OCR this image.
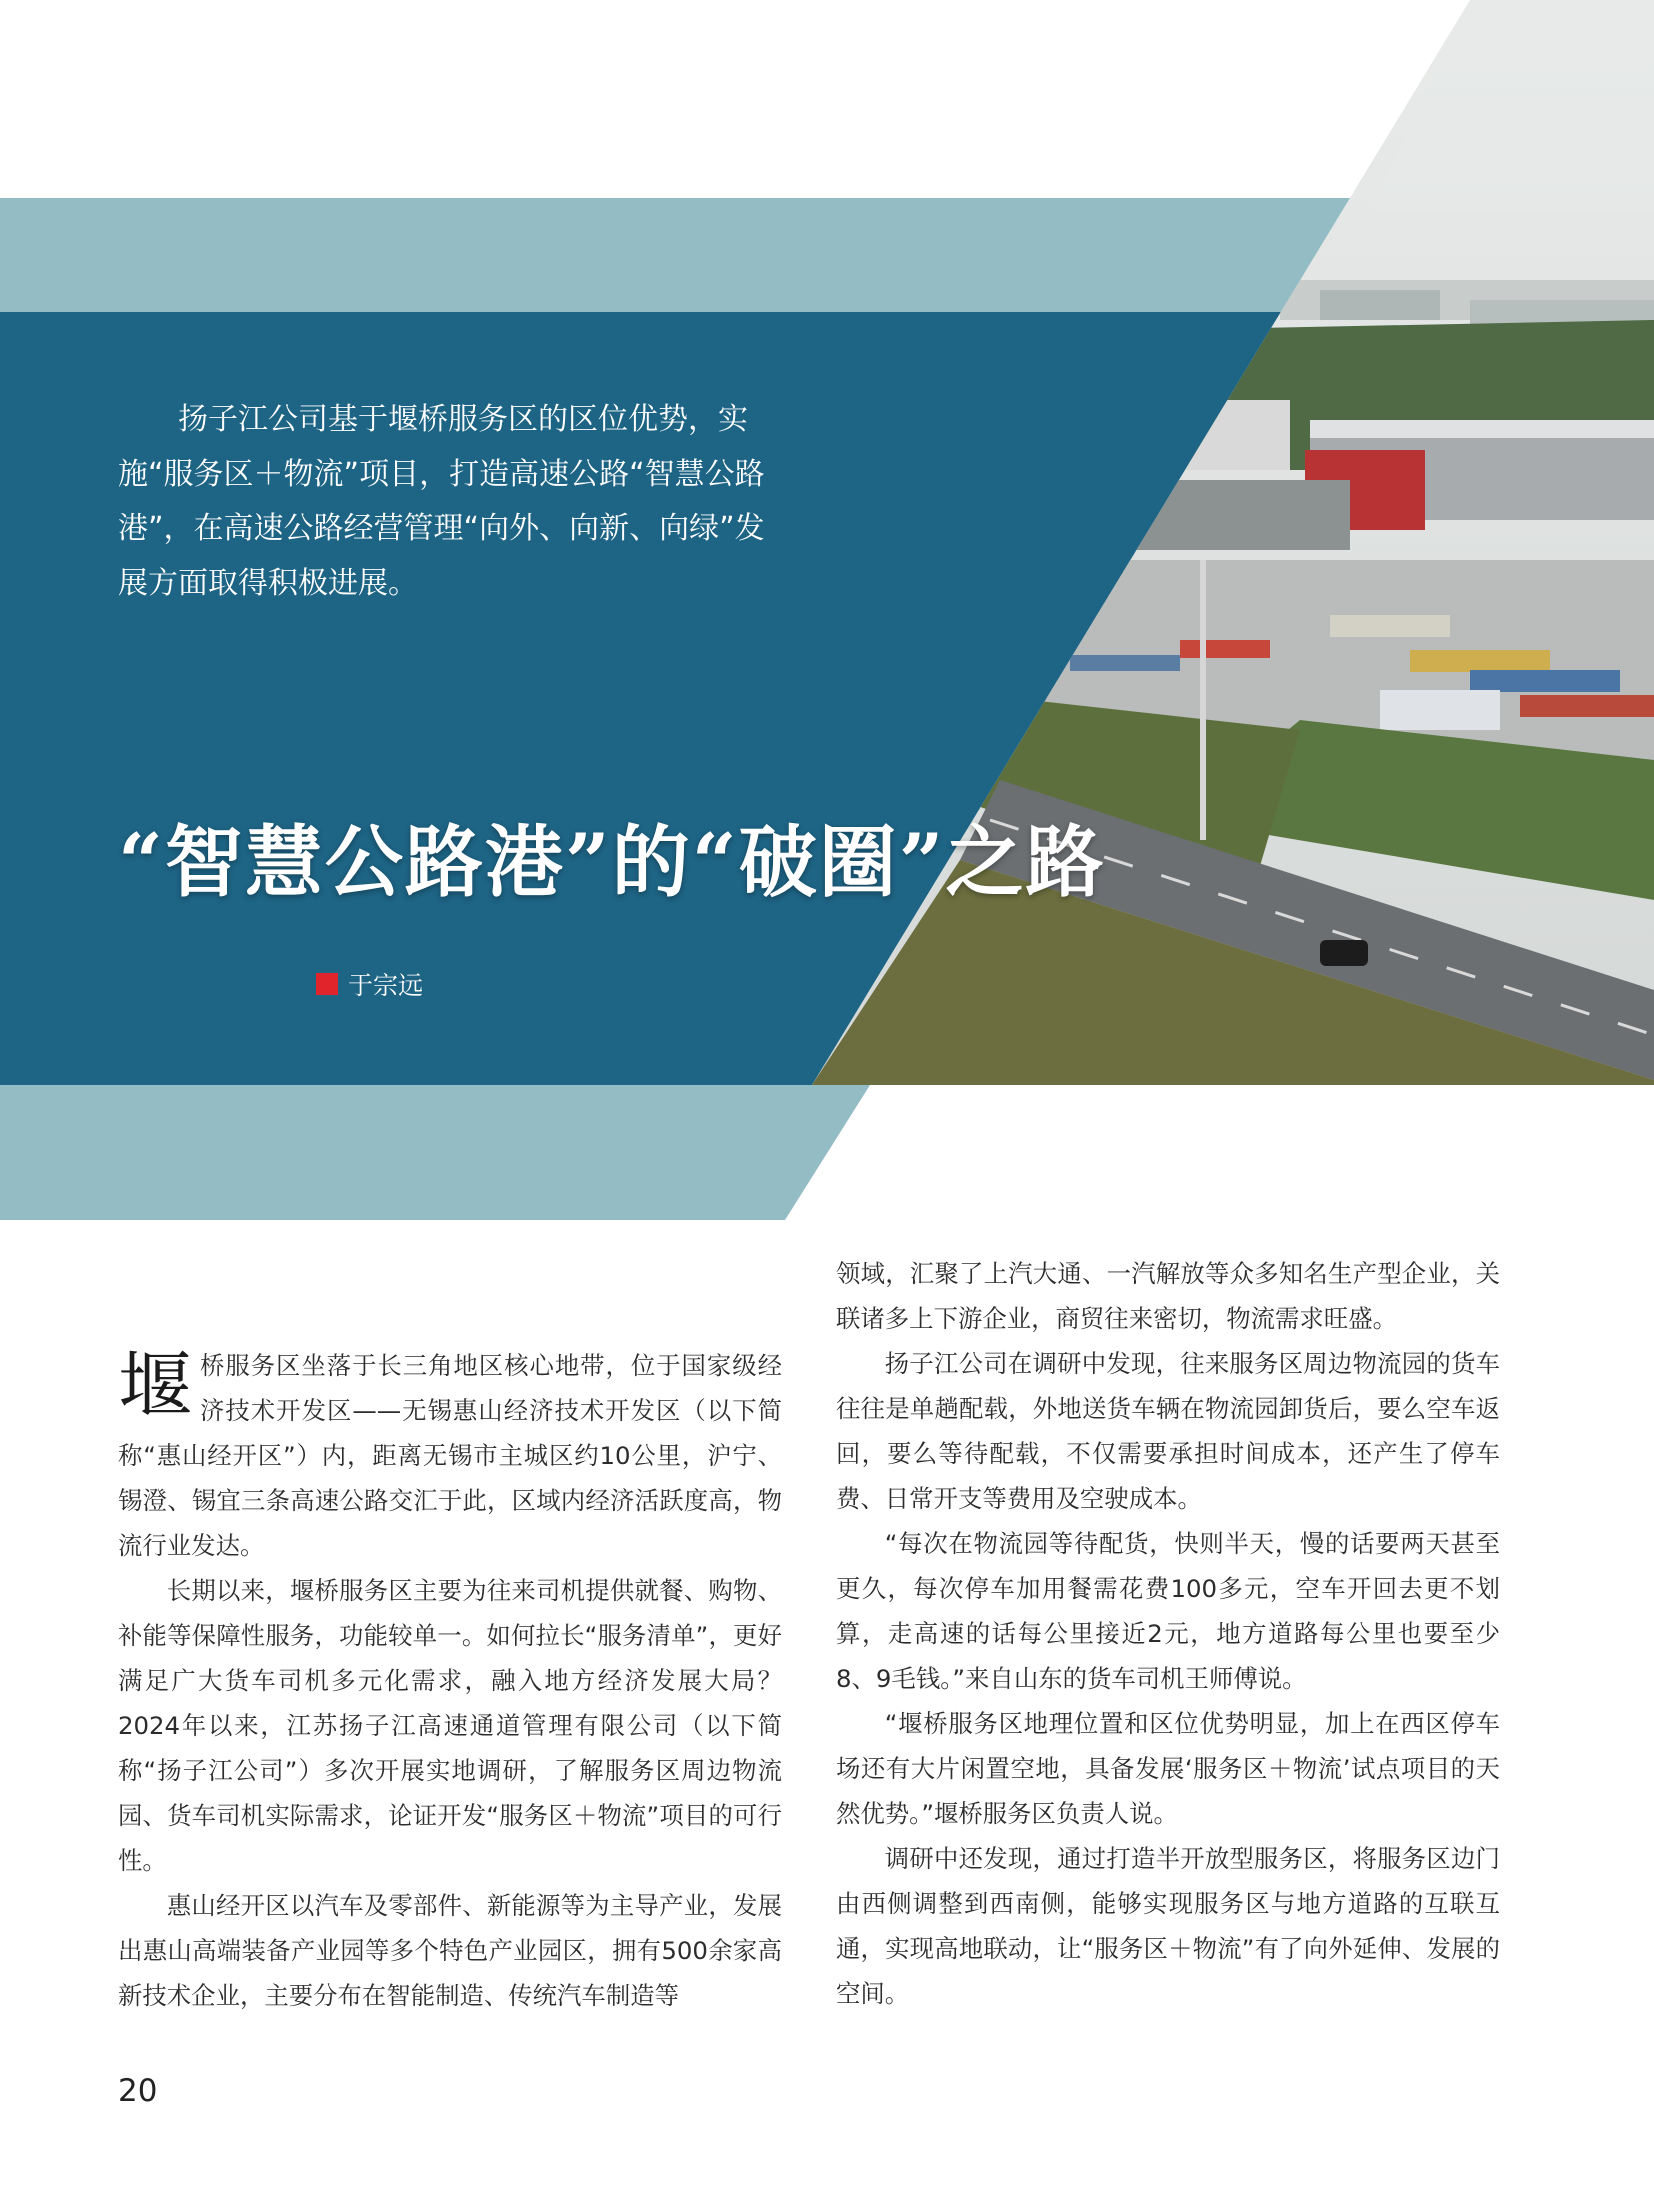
扬子江公司基于堰桥服务区的区位优势，实施“服务区＋物流”项目，打造高速公路“智慧公路港”，在高速公路经营管理“向外、向新、向绿”发展方面取得积极进展。

“智慧公路港”的“破圈”之路
于宗远

堰桥服务区坐落于长三角地区核心地带，位于国家级经济技术开发区——无锡惠山经济技术开发区（以下简称“惠山经开区”）内，距离无锡市主城区约10公里，沪宁、锡澄、锡宜三条高速公路交汇于此，区域内经济活跃度高，物流行业发达。

长期以来，堰桥服务区主要为往来司机提供就餐、购物、补能等保障性服务，功能较单一。如何拉长“服务清单”，更好满足广大货车司机多元化需求，融入地方经济发展大局？2024年以来，江苏扬子江高速通道管理有限公司（以下简称“扬子江公司”）多次开展实地调研，了解服务区周边物流园、货车司机实际需求，论证开发“服务区＋物流”项目的可行性。

惠山经开区以汽车及零部件、新能源等为主导产业，发展出惠山高端装备产业园等多个特色产业园区，拥有500余家高新技术企业，主要分布在智能制造、传统汽车制造等

领域，汇聚了上汽大通、一汽解放等众多知名生产型企业，关联诸多上下游企业，商贸往来密切，物流需求旺盛。

扬子江公司在调研中发现，往来服务区周边物流园的货车往往是单趟配载，外地送货车辆在物流园卸货后，要么空车返回，要么等待配载，不仅需要承担时间成本，还产生了停车费、日常开支等费用及空驶成本。

“每次在物流园等待配货，快则半天，慢的话要两天甚至更久，每次停车加用餐需花费100多元，空车开回去更不划算，走高速的话每公里接近2元，地方道路每公里也要至少8、9毛钱。”来自山东的货车司机王师傅说。

“堰桥服务区地理位置和区位优势明显，加上在西区停车场还有大片闲置空地，具备发展‘服务区＋物流’试点项目的天然优势。”堰桥服务区负责人说。

调研中还发现，通过打造半开放型服务区，将服务区边门由西侧调整到西南侧，能够实现服务区与地方道路的互联互通，实现高地联动，让“服务区＋物流”有了向外延伸、发展的空间。

20
